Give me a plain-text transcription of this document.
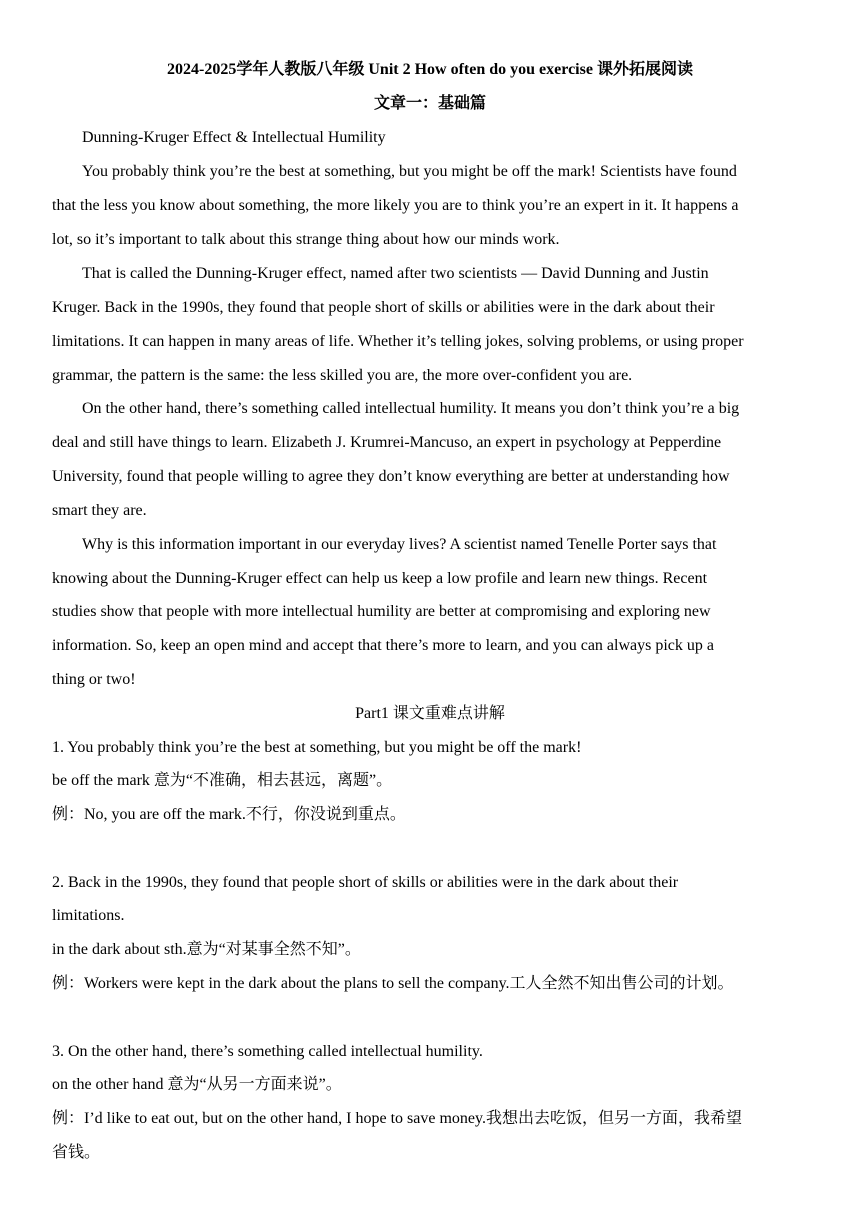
2024-2025学年人教版八年级 Unit 2 How often do you exercise 课外拓展阅读
文章一：基础篇
Dunning-Kruger Effect & Intellectual Humility
You probably think you’re the best at something, but you might be off the mark! Scientists have found
that the less you know about something, the more likely you are to think you’re an expert in it. It happens a
lot, so it’s important to talk about this strange thing about how our minds work.
That is called the Dunning-Kruger effect, named after two scientists — David Dunning and Justin
Kruger. Back in the 1990s, they found that people short of skills or abilities were in the dark about their
limitations. It can happen in many areas of life. Whether it’s telling jokes, solving problems, or using proper
grammar, the pattern is the same: the less skilled you are, the more over-confident you are.
On the other hand, there’s something called intellectual humility. It means you don’t think you’re a big
deal and still have things to learn. Elizabeth J. Krumrei-Mancuso, an expert in psychology at Pepperdine
University, found that people willing to agree they don’t know everything are better at understanding how
smart they are.
Why is this information important in our everyday lives? A scientist named Tenelle Porter says that
knowing about the Dunning-Kruger effect can help us keep a low profile and learn new things. Recent
studies show that people with more intellectual humility are better at compromising and exploring new
information. So, keep an open mind and accept that there’s more to learn, and you can always pick up a
thing or two!
Part1 课文重难点讲解
1. You probably think you’re the best at something, but you might be off the mark!
be off the mark 意为“不准确，相去甚远，离题”。
例：No, you are off the mark.不行，你没说到重点。
2. Back in the 1990s, they found that people short of skills or abilities were in the dark about their
limitations.
in the dark about sth.意为“对某事全然不知”。
例：Workers were kept in the dark about the plans to sell the company.工人全然不知出售公司的计划。
3. On the other hand, there’s something called intellectual humility.
on the other hand 意为“从另一方面来说”。
例：I’d like to eat out, but on the other hand, I hope to save money.我想出去吃饭，但另一方面，我希望
省钱。
